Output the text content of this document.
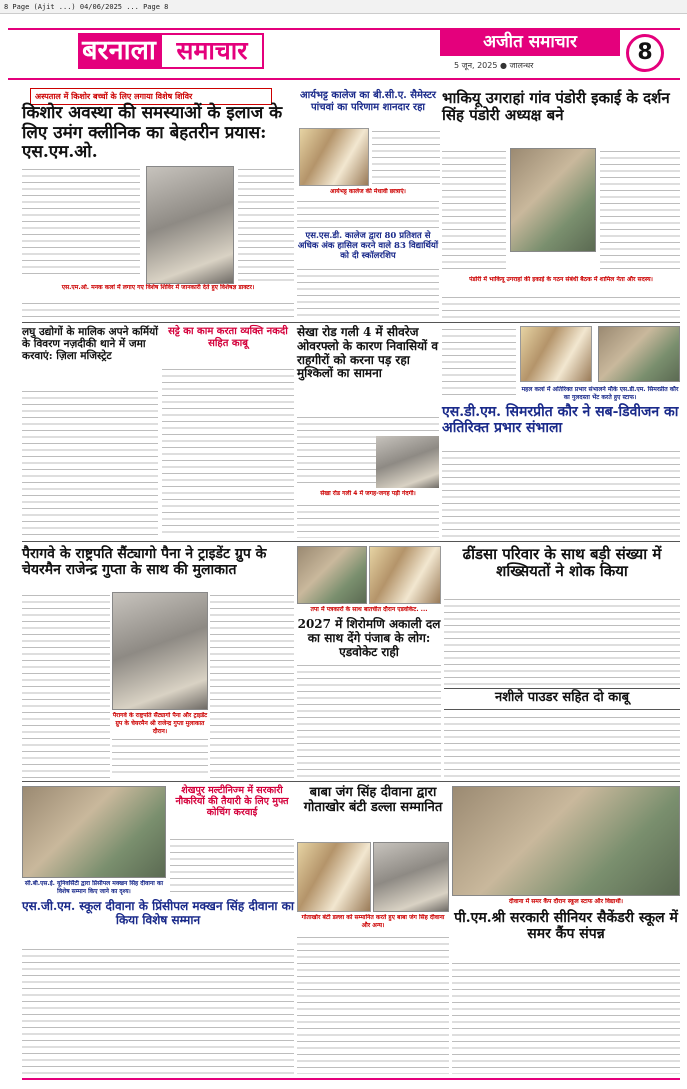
8 Page (Ajit ...) 04/06/2025 ... Page 8
बरनाला समाचार	अजीत समाचार
5 जून, 2025 ● जालन्धर
8
अस्पताल में किशोर बच्चों के लिए लगाया विशेष शिविर
किशोर अवस्था की समस्याओं के इलाज के लिए उमंग क्लीनिक का बेहतरीन प्रयास: एस.एम.ओ.
एस.एम.ओ. मनक कलां में लगाए गए विशेष शिविर में जानकारी देते हुए विशेषज्ञ डाक्टर।
आर्यभट्ट कालेज का बी.सी.ए. सैमेस्टर पांचवां का परिणाम शानदार रहा
आर्यभट्ट कालेज की मेधावी छात्राएं।
एस.एस.डी. कालेज द्वारा 80 प्रतिशत से अधिक अंक हासिल करने वाले 83 विद्यार्थियों को दी स्कॉलरशिप
भाकियू उगराहां गांव पंडोरी इकाई के दर्शन सिंह पंडोरी अध्यक्ष बने
पंडोरी में भाकियू उगराहां की इकाई के गठन संबंधी बैठक में शामिल नेता और सदस्य।
लघु उद्योगों के मालिक अपने कर्मियों के विवरण नज़दीकी थाने में जमा करवाएं: ज़िला मजिस्ट्रेट
सट्टे का काम करता व्यक्ति नकदी सहित काबू
सेखा रोड गली 4 में सीवरेज ओवरफ्लो के कारण निवासियों व राहगीरों को करना पड़ रहा मुश्किलों का सामना
सेखा रोड गली 4 में जगह-जगह पड़ी गंदगी।
महल कलां में अतिरिक्त प्रभार संभालने मौके एस.डी.एम. सिमरप्रीत कौर का गुलदस्ता भेंट करते हुए स्टाफ।
एस.डी.एम. सिमरप्रीत कौर ने सब-डिवीजन का अतिरिक्त प्रभार संभाला
पैरागवे के राष्ट्रपति सैंट्यागो पैना ने ट्राइडेंट ग्रुप के चेयरमैन राजेन्द्र गुप्ता के साथ की मुलाकात
पैरागवे के राष्ट्रपति सैंट्यागो पैना और ट्राइडेंट ग्रुप के चेयरमैन श्री राजेन्द्र गुप्ता मुलाकात दौरान।
तपा में पत्रकारों के साथ बातचीत दौरान एडवोकेट. ...
2027 में शिरोमणि अकाली दल का साथ देंगे पंजाब के लोग: एडवोकेट राही
ढींडसा परिवार के साथ बड़ी संख्या में शख्सियतों ने शोक किया
नशीले पाउडर सहित दो काबू
शेखपुर मल्टीनिज्म में सरकारी नौकरियों की तैयारी के लिए मुफ्त कोचिंग करवाई
सी.बी.एस.ई. यूनिवर्सिटी द्वारा प्रिंसीपल मक्खन सिंह दीवाना का विशेष सम्मान किए जाने का दृश्य।
एस.जी.एम. स्कूल दीवाना के प्रिंसीपल मक्खन सिंह दीवाना का किया विशेष सम्मान
बाबा जंग सिंह दीवाना द्वारा गोताखोर बंटी डल्ला सम्मानित
गोताखोर बंटी डल्ला को सम्मानित करते हुए बाबा जंग सिंह दीवाना और अन्य।
दीवाना में समर कैंप दौरान स्कूल स्टाफ और विद्यार्थी।
पी.एम.श्री सरकारी सीनियर सैकेंडरी स्कूल में समर कैंप संपन्न
